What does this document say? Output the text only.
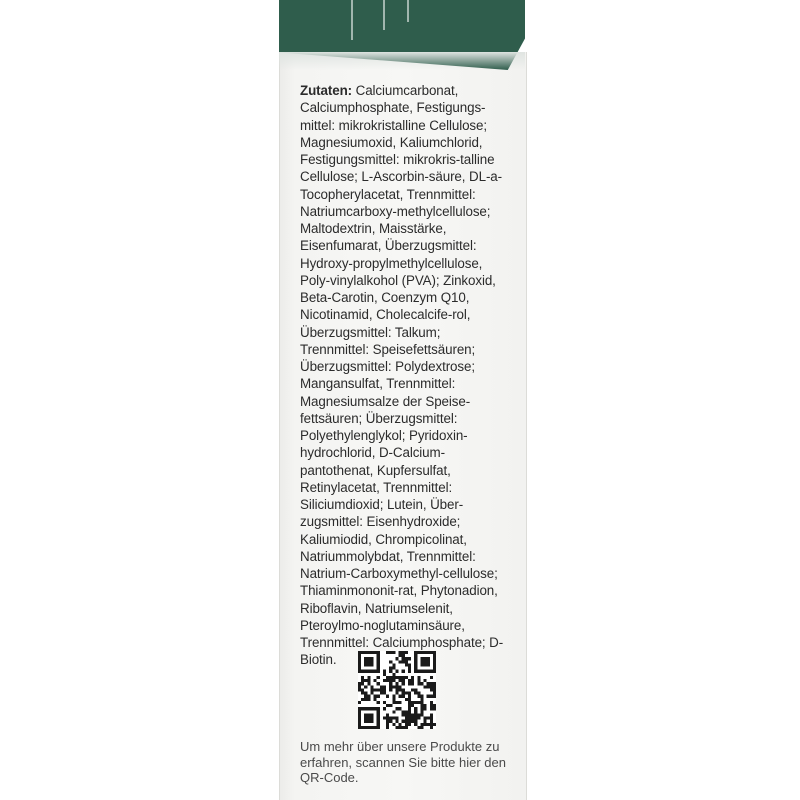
Zutaten: Calciumcarbonat, Calciumphosphate, Festigungs-mittel: mikrokristalline Cellulose; Magnesiumoxid, Kaliumchlorid, Festigungsmittel: mikrokris-talline Cellulose; L-Ascorbin-säure, DL-a-Tocopherylacetat, Trennmittel: Natriumcarboxy-methylcellulose; Maltodextrin, Maisstärke, Eisenfumarat, Überzugsmittel: Hydroxy-propylmethylcellulose, Poly-vinylalkohol (PVA); Zinkoxid, Beta-Carotin, Coenzym Q10, Nicotinamid, Cholecalcife-rol, Überzugsmittel: Talkum; Trennmittel: Speisefettsäuren; Überzugsmittel: Polydextrose; Mangansulfat, Trennmittel: Magnesiumsalze der Speise-fettsäuren; Überzugsmittel: Polyethylenglykol; Pyridoxin-hydrochlorid, D-Calcium-pantothenat, Kupfersulfat, Retinylacetat, Trennmittel: Siliciumdioxid; Lutein, Über-zugsmittel: Eisenhydroxide; Kaliumiodid, Chrompicolinat, Natriummolybdat, Trennmittel: Natrium-Carboxymethyl-cellulose; Thiaminmononit-rat, Phytonadion, Riboflavin, Natriumselenit, Pteroylmo-noglutaminsäure, Trennmittel: Calciumphosphate; D-Biotin.

Um mehr über unsere Produkte zu erfahren, scannen Sie bitte hier den QR-Code.
